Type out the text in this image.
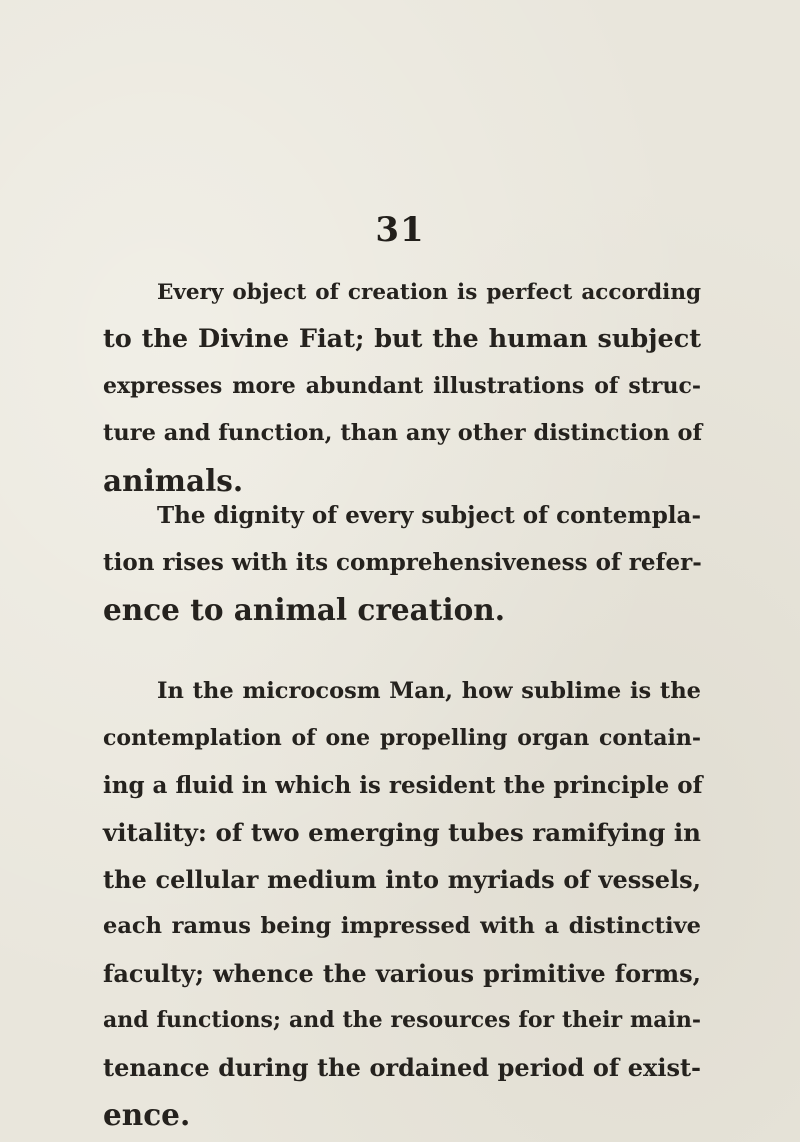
31
Every object of creation is perfect according
to the Divine Fiat; but the human subject
expresses more abundant illustrations of struc-
ture and function, than any other distinction of
animals.
The dignity of every subject of contempla-
tion rises with its comprehensiveness of refer-
ence to animal creation.
In the microcosm Man, how sublime is the
contemplation of one propelling organ contain-
ing a fluid in which is resident the principle of
vitality: of two emerging tubes ramifying in
the cellular medium into myriads of vessels,
each ramus being impressed with a distinctive
faculty; whence the various primitive forms,
and functions; and the resources for their main-
tenance during the ordained period of exist-
ence.
